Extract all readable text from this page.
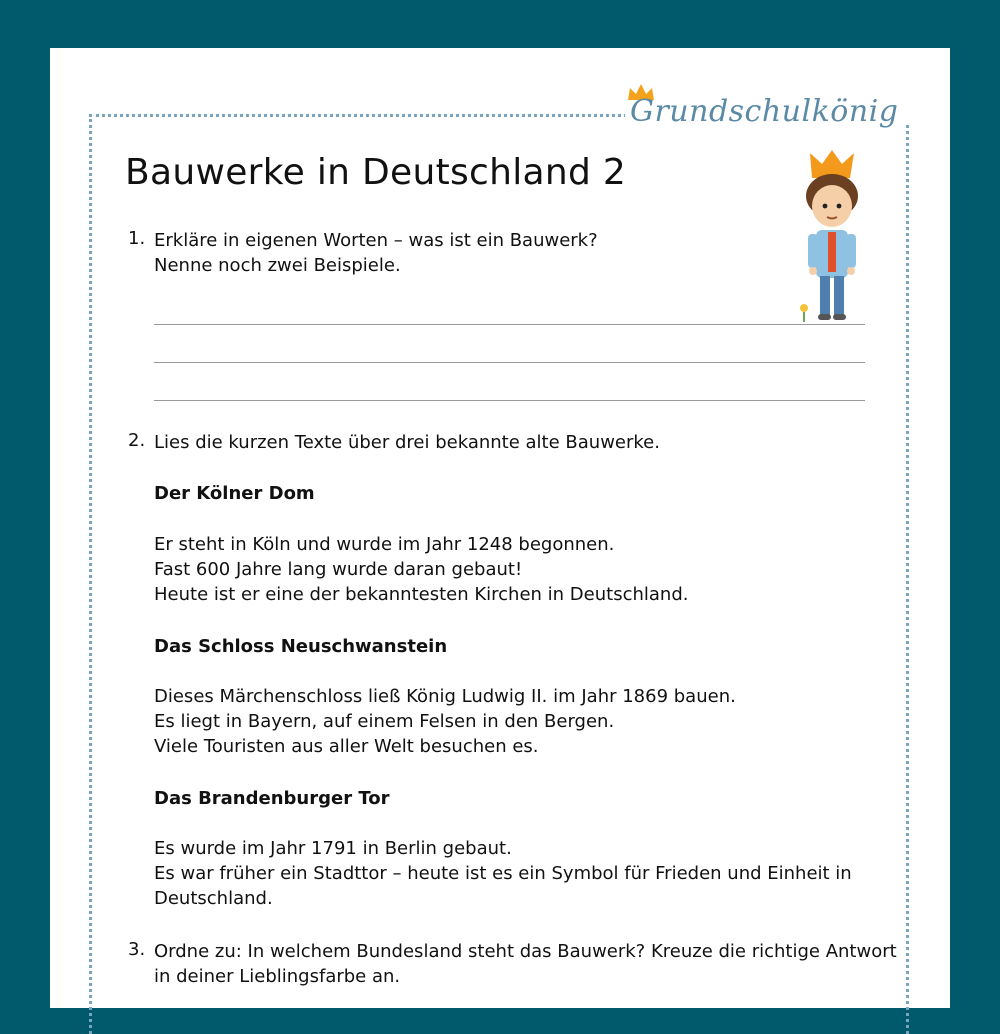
Grundschulkönig
Bauwerke in Deutschland 2
1. Erkläre in eigenen Worten – was ist ein Bauwerk?
Nenne noch zwei Beispiele.
2. Lies die kurzen Texte über drei bekannte alte Bauwerke.
Der Kölner Dom

Er steht in Köln und wurde im Jahr 1248 begonnen.

Fast 600 Jahre lang wurde daran gebaut!

Heute ist er eine der bekanntesten Kirchen in Deutschland.

Das Schloss Neuschwanstein

Dieses Märchenschloss ließ König Ludwig II. im Jahr 1869 bauen.

Es liegt in Bayern, auf einem Felsen in den Bergen.

Viele Touristen aus aller Welt besuchen es.

Das Brandenburger Tor

Es wurde im Jahr 1791 in Berlin gebaut.

Es war früher ein Stadttor – heute ist es ein Symbol für Frieden und Einheit in

Deutschland.

3. Ordne zu: In welchem Bundesland steht das Bauwerk? Kreuze die richtige Antwort
in deiner Lieblingsfarbe an.
